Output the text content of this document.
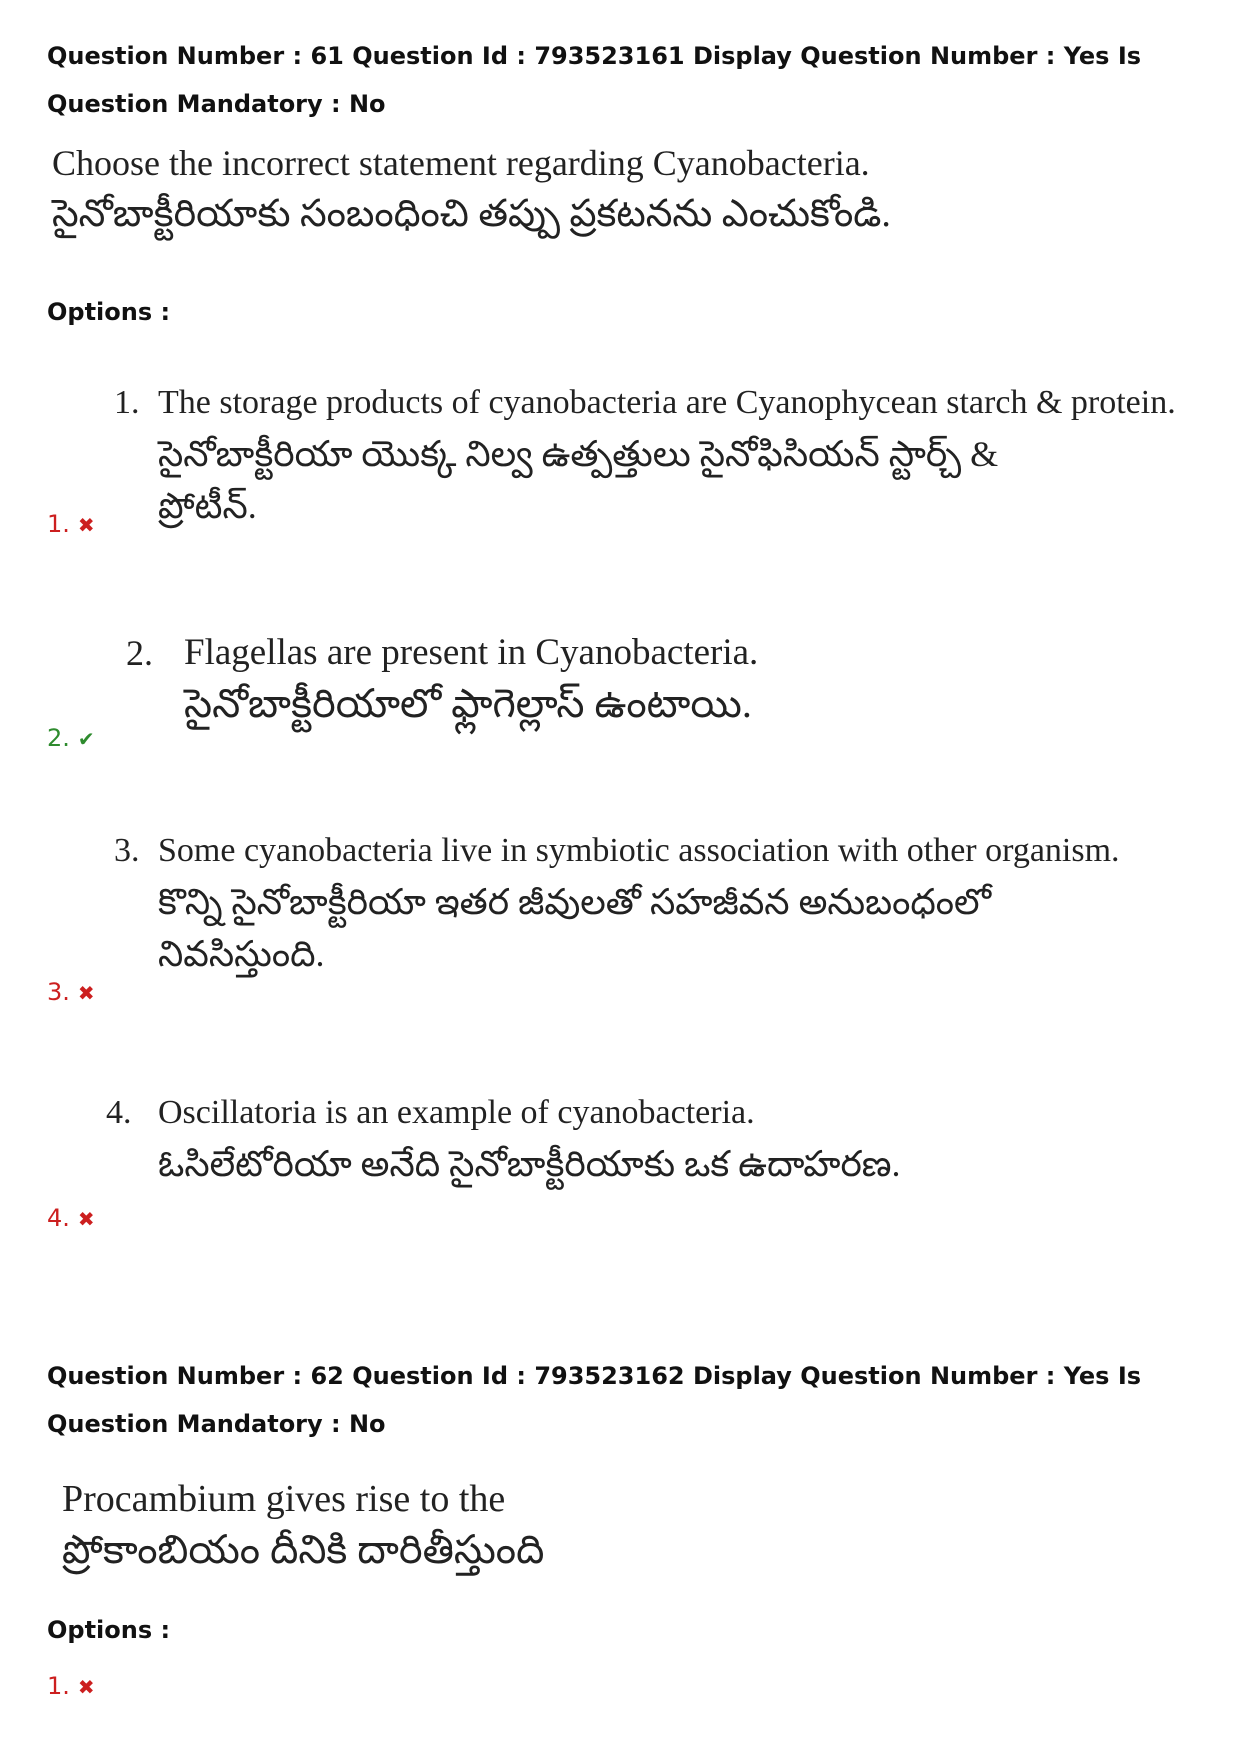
Question Number : 61 Question Id : 793523161 Display Question Number : Yes Is Question Mandatory : No
Choose the incorrect statement regarding Cyanobacteria.
సైనోబాక్టీరియాకు సంబంధించి తప్పు ప్రకటనను ఎంచుకోండి.
Options :
1. The storage products of cyanobacteria are Cyanophycean starch & protein.
సైనోబాక్టీరియా యొక్క నిల్వ ఉత్పత్తులు సైనోఫిసియన్ స్టార్చ్ &
ప్రోటీన్.
1. ✖
2. Flagellas are present in Cyanobacteria.
సైనోబాక్టీరియాలో ఫ్లాగెల్లాస్ ఉంటాయి.
2. ✔
3. Some cyanobacteria live in symbiotic association with other organism.
కొన్ని సైనోబాక్టీరియా ఇతర జీవులతో సహజీవన అనుబంధంలో
నివసిస్తుంది.
3. ✖
4. Oscillatoria is an example of cyanobacteria.
ఓసిలేటోరియా అనేది సైనోబాక్టీరియాకు ఒక ఉదాహరణ.
4. ✖
Question Number : 62 Question Id : 793523162 Display Question Number : Yes Is Question Mandatory : No
Procambium gives rise to the
ప్రోకాంబియం దీనికి దారితీస్తుంది
Options :
1. ✖
